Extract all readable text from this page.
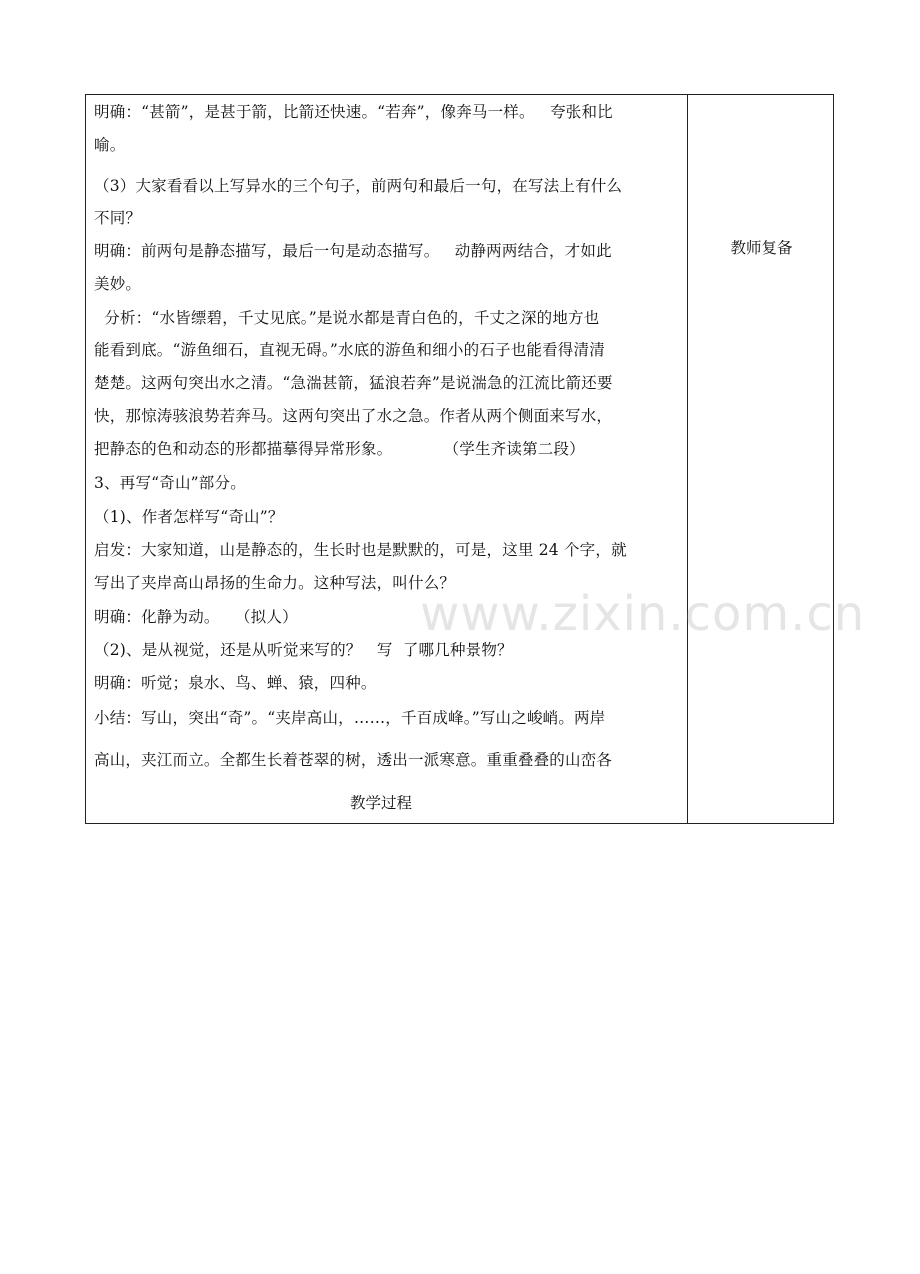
明确：“甚箭”，是甚于箭，比箭还快速。“若奔”，像奔马一样。   夸张和比
喻。
（3）大家看看以上写异水的三个句子，前两句和最后一句，在写法上有什么
不同？
明确：前两句是静态描写，最后一句是动态描写。   动静两两结合，才如此
美妙。
分析：“水皆缥碧，千丈见底。”是说水都是青白色的，千丈之深的地方也
能看到底。“游鱼细石，直视无碍。”水底的游鱼和细小的石子也能看得清清
楚楚。这两句突出水之清。“急湍甚箭，猛浪若奔”是说湍急的江流比箭还要
快，那惊涛骇浪势若奔马。这两句突出了水之急。作者从两个侧面来写水，
把静态的色和动态的形都描摹得异常形象。          （学生齐读第二段）
3、再写“奇山”部分。
（1)、作者怎样写“奇山”？
启发：大家知道，山是静态的，生长时也是默默的，可是，这里 24 个字，就
写出了夹岸高山昂扬的生命力。这种写法，叫什么？
明确：化静为动。   （拟人）
（2)、是从视觉，还是从听觉来写的？   写  了哪几种景物？
明确：听觉；泉水、鸟、蝉、猿，四种。
小结：写山，突出“奇”。“夹岸高山，……，千百成峰。”写山之峻峭。两岸
高山，夹江而立。全都生长着苍翠的树，透出一派寒意。重重叠叠的山峦各
教师复备
教学过程
www.zixin.com.cn
